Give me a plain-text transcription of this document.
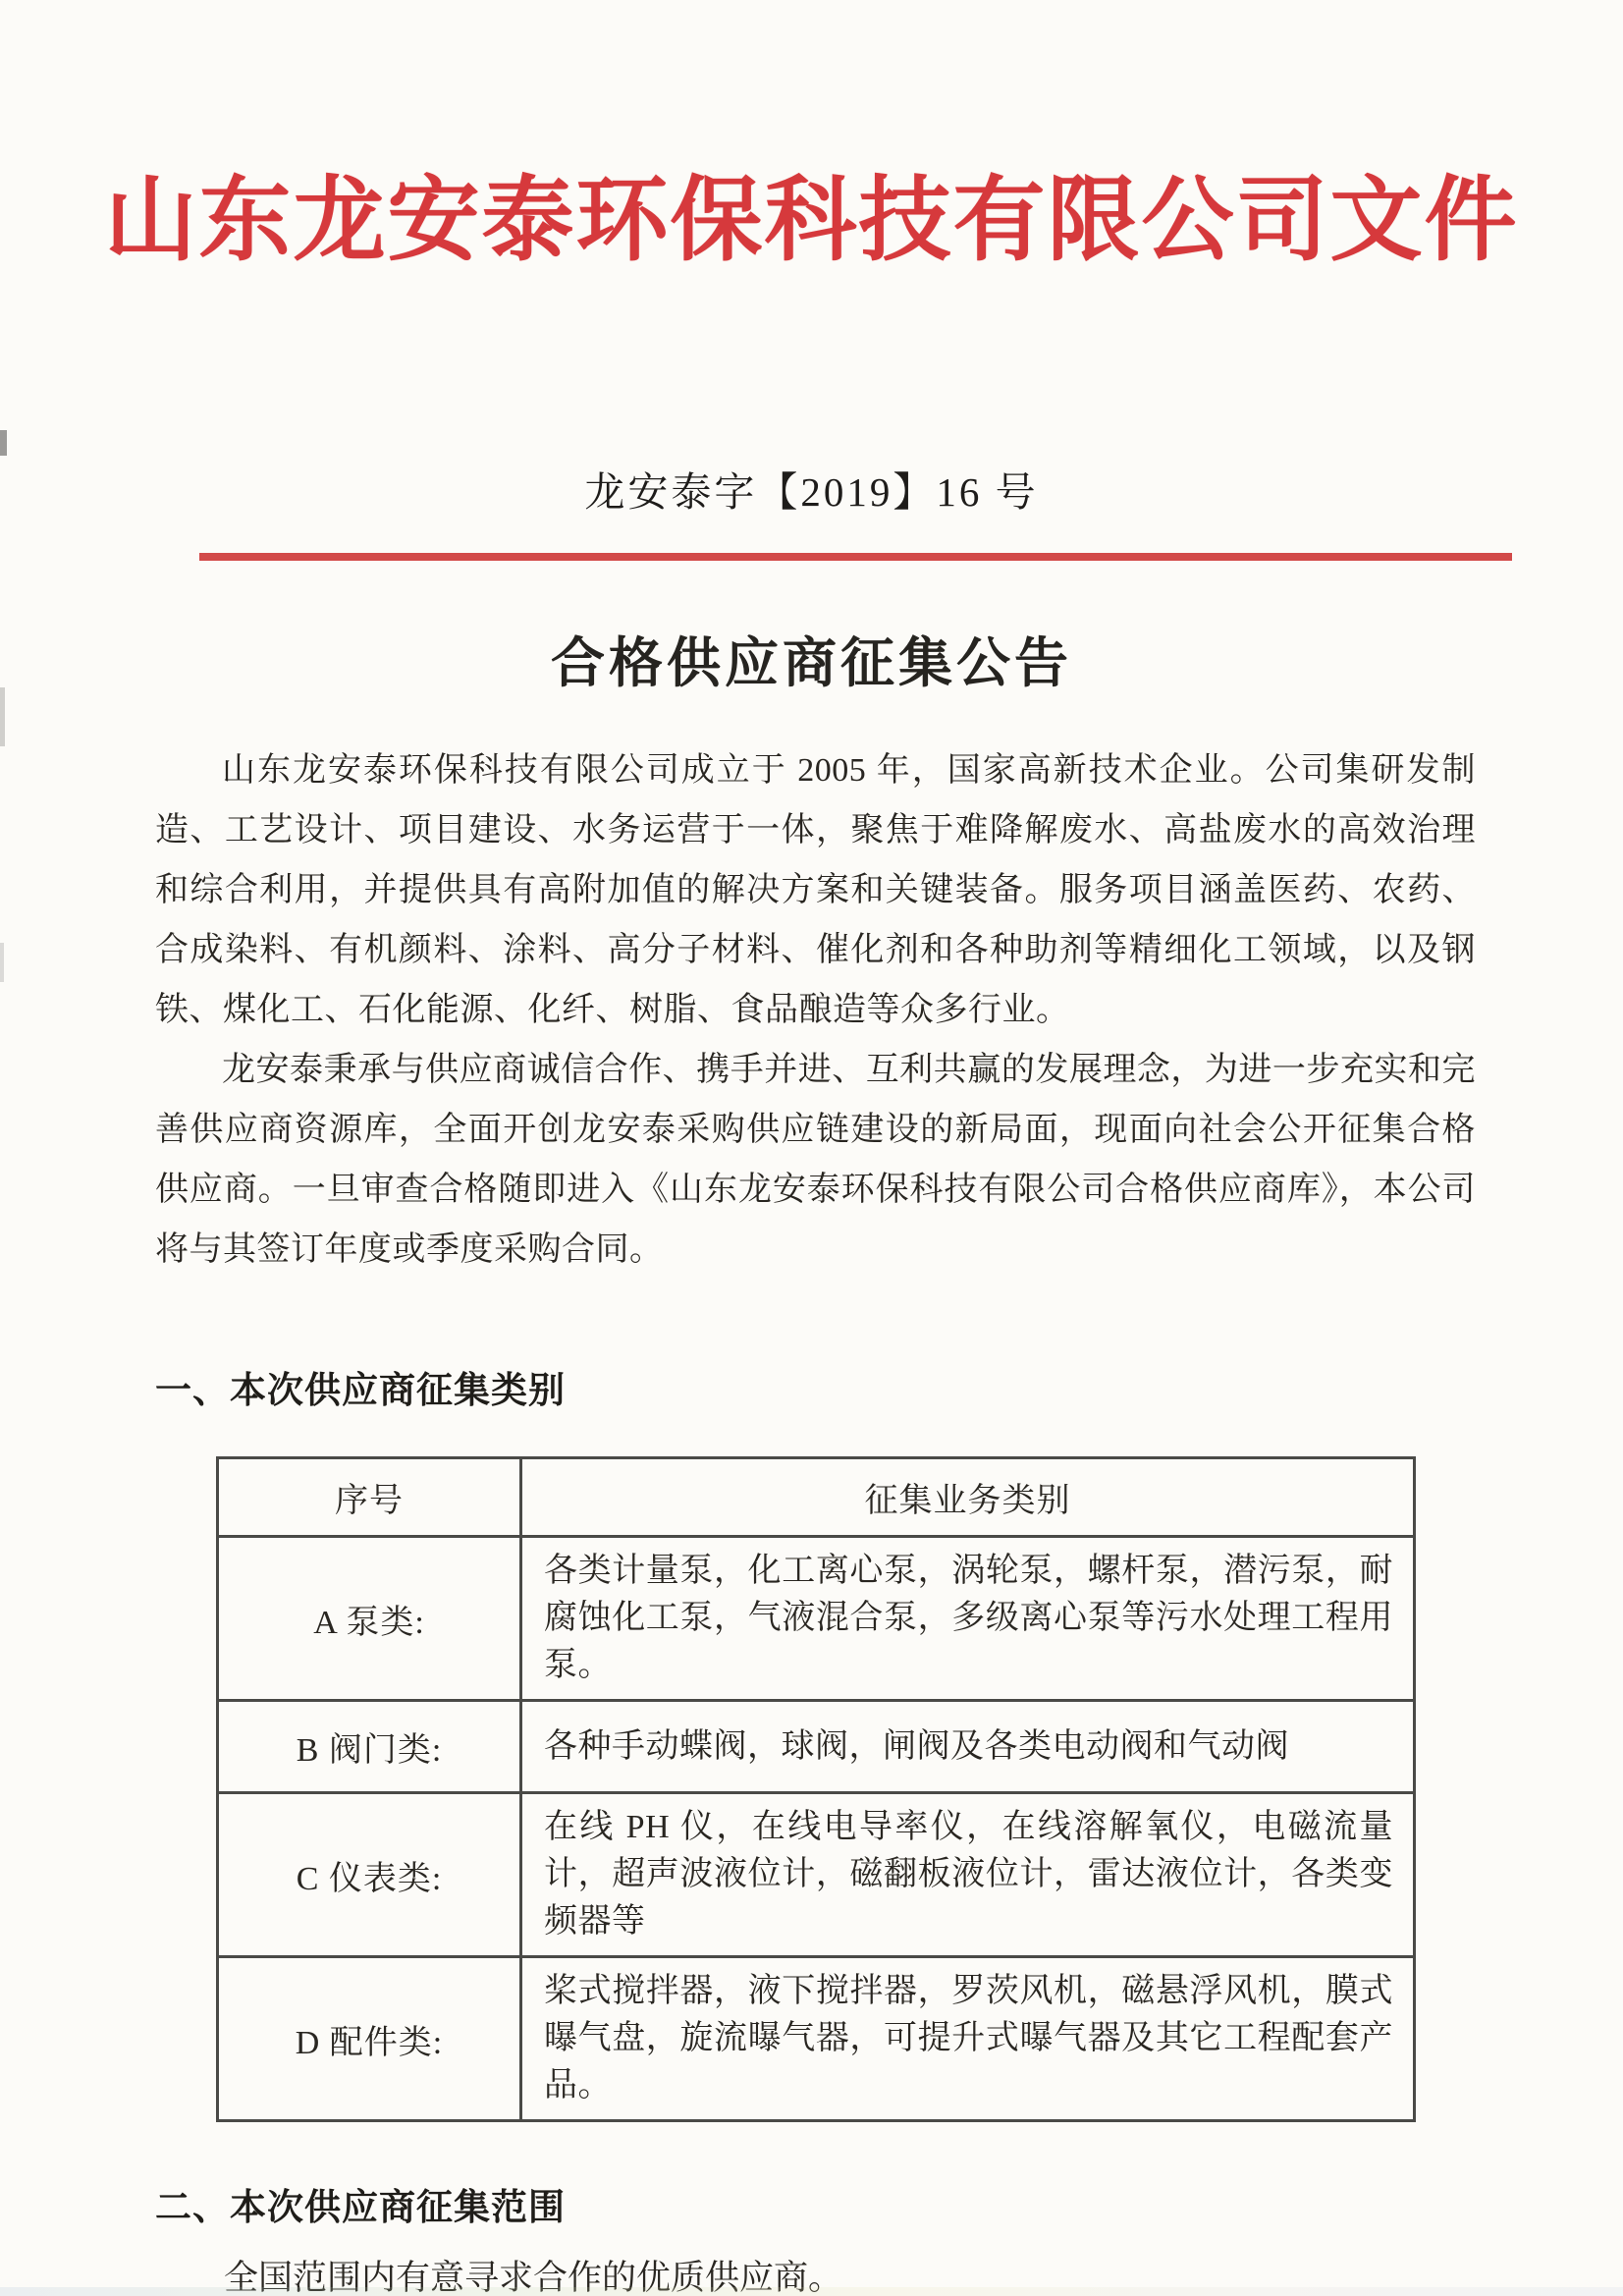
山东龙安泰环保科技有限公司文件
龙安泰字【2019】16 号
合格供应商征集公告

山东龙安泰环保科技有限公司成立于 2005 年，国家高新技术企业。公司集研发制造、工艺设计、项目建设、水务运营于一体，聚焦于难降解废水、高盐废水的高效治理和综合利用，并提供具有高附加值的解决方案和关键装备。服务项目涵盖医药、农药、合成染料、有机颜料、涂料、高分子材料、催化剂和各种助剂等精细化工领域，以及钢铁、煤化工、石化能源、化纤、树脂、食品酿造等众多行业。

龙安泰秉承与供应商诚信合作、携手并进、互利共赢的发展理念，为进一步充实和完善供应商资源库，全面开创龙安泰采购供应链建设的新局面，现面向社会公开征集合格供应商。一旦审查合格随即进入《山东龙安泰环保科技有限公司合格供应商库》，本公司将与其签订年度或季度采购合同。

一、本次供应商征集类别
序号	征集业务类别
A 泵类:	各类计量泵，化工离心泵，涡轮泵，螺杆泵，潜污泵，耐腐蚀化工泵，气液混合泵，多级离心泵等污水处理工程用泵。
B 阀门类:	各种手动蝶阀，球阀，闸阀及各类电动阀和气动阀
C 仪表类:	在线 PH 仪，在线电导率仪，在线溶解氧仪，电磁流量计，超声波液位计，磁翻板液位计，雷达液位计，各类变频器等
D 配件类:	桨式搅拌器，液下搅拌器，罗茨风机，磁悬浮风机，膜式曝气盘，旋流曝气器，可提升式曝气器及其它工程配套产品。
二、本次供应商征集范围

全国范围内有意寻求合作的优质供应商。
